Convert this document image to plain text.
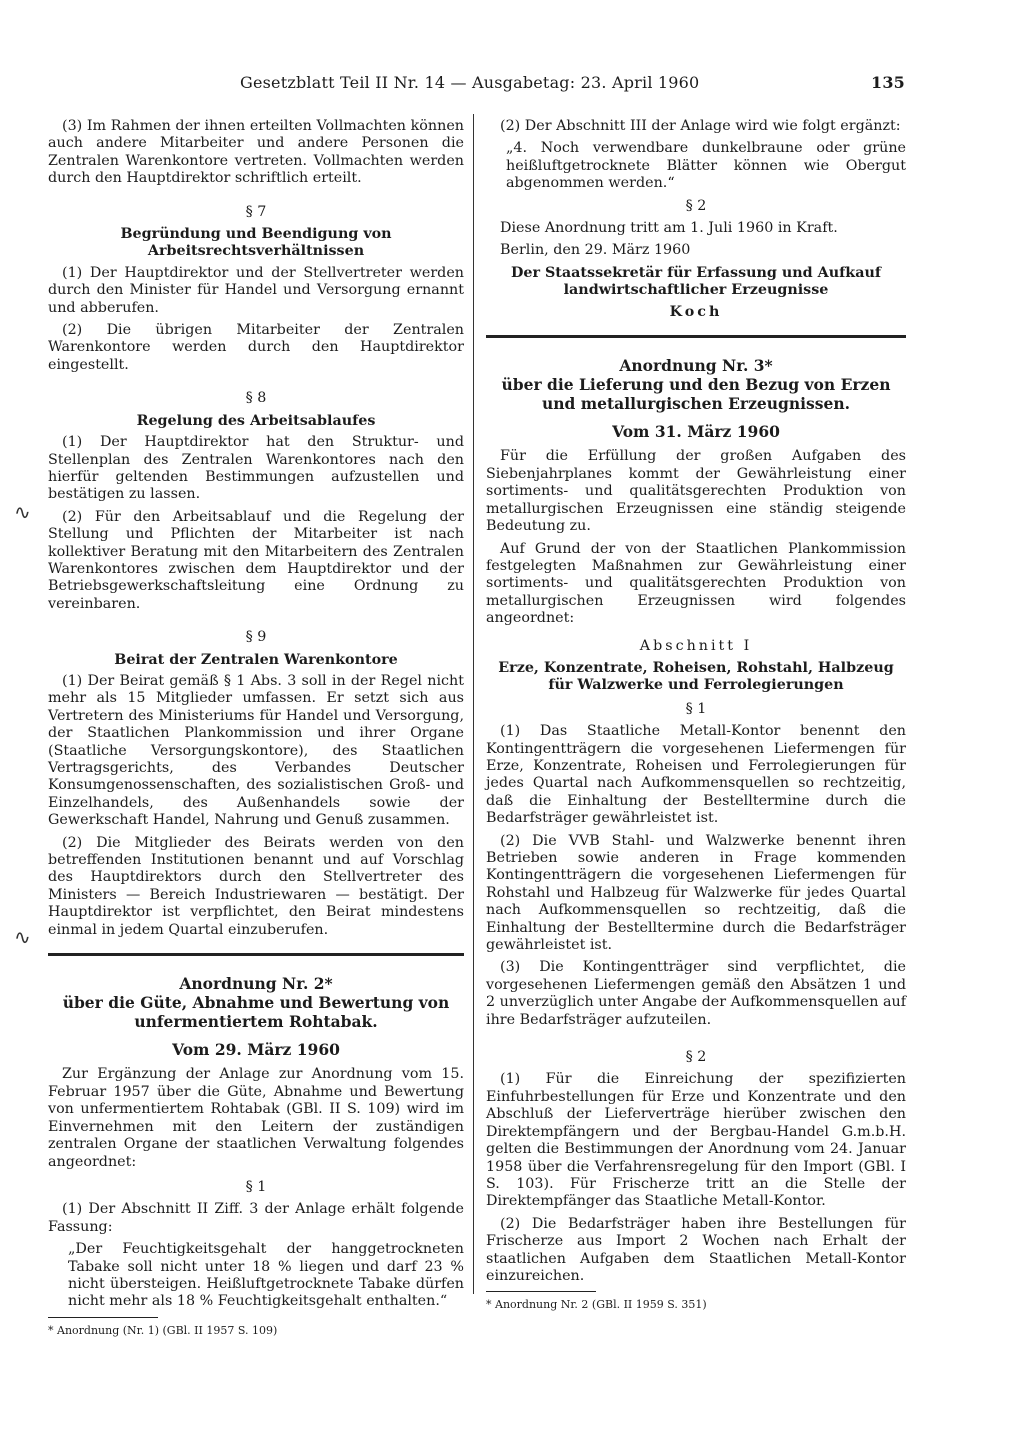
Gesetzblatt Teil II Nr. 14 — Ausgabetag: 23. April 1960	135
∿
∿

(3) Im Rahmen der ihnen erteilten Vollmachten können auch andere Mitarbeiter und andere Personen die Zentralen Warenkontore vertreten. Vollmachten werden durch den Hauptdirektor schriftlich erteilt.

§ 7
Begründung und Beendigung von Arbeitsrechtsverhältnissen

(1) Der Hauptdirektor und der Stellvertreter werden durch den Minister für Handel und Versorgung ernannt und abberufen.

(2) Die übrigen Mitarbeiter der Zentralen Warenkontore werden durch den Hauptdirektor eingestellt.

§ 8
Regelung des Arbeitsablaufes

(1) Der Hauptdirektor hat den Struktur- und Stellenplan des Zentralen Warenkontores nach den hierfür geltenden Bestimmungen aufzustellen und bestätigen zu lassen.

(2) Für den Arbeitsablauf und die Regelung der Stellung und Pflichten der Mitarbeiter ist nach kollektiver Beratung mit den Mitarbeitern des Zentralen Warenkontores zwischen dem Hauptdirektor und der Betriebsgewerkschaftsleitung eine Ordnung zu vereinbaren.

§ 9
Beirat der Zentralen Warenkontore

(1) Der Beirat gemäß § 1 Abs. 3 soll in der Regel nicht mehr als 15 Mitglieder umfassen. Er setzt sich aus Vertretern des Ministeriums für Handel und Versorgung, der Staatlichen Plankommission und ihrer Organe (Staatliche Versorgungskontore), des Staatlichen Vertragsgerichts, des Verbandes Deutscher Konsumgenossenschaften, des sozialistischen Groß- und Einzelhandels, des Außenhandels sowie der Gewerkschaft Handel, Nahrung und Genuß zusammen.

(2) Die Mitglieder des Beirats werden von den betreffenden Institutionen benannt und auf Vorschlag des Hauptdirektors durch den Stellvertreter des Ministers — Bereich Industriewaren — bestätigt. Der Hauptdirektor ist verpflichtet, den Beirat mindestens einmal in jedem Quartal einzuberufen.

Anordnung Nr. 2*
über die Güte, Abnahme und Bewertung von unfermentiertem Rohtabak.
Vom 29. März 1960

Zur Ergänzung der Anlage zur Anordnung vom 15. Februar 1957 über die Güte, Abnahme und Bewertung von unfermentiertem Rohtabak (GBl. II S. 109) wird im Einvernehmen mit den Leitern der zuständigen zentralen Organe der staatlichen Verwaltung folgendes angeordnet:

§ 1

(1) Der Abschnitt II Ziff. 3 der Anlage erhält folgende Fassung:

„Der Feuchtigkeitsgehalt der hanggetrockneten Tabake soll nicht unter 18 % liegen und darf 23 % nicht übersteigen. Heißluftgetrocknete Tabake dürfen nicht mehr als 18 % Feuchtigkeitsgehalt enthalten.“

* Anordnung (Nr. 1) (GBl. II 1957 S. 109)

(2) Der Abschnitt III der Anlage wird wie folgt ergänzt:

„4. Noch verwendbare dunkelbraune oder grüne heißluftgetrocknete Blätter können wie Obergut abgenommen werden.“

§ 2

Diese Anordnung tritt am 1. Juli 1960 in Kraft.

Berlin, den 29. März 1960

Der Staatssekretär für Erfassung und Aufkauf landwirtschaftlicher Erzeugnisse
Koch
Anordnung Nr. 3*
über die Lieferung und den Bezug von Erzen und metallurgischen Erzeugnissen.
Vom 31. März 1960

Für die Erfüllung der großen Aufgaben des Siebenjahrplanes kommt der Gewährleistung einer sortiments- und qualitätsgerechten Produktion von metallurgischen Erzeugnissen eine ständig steigende Bedeutung zu.

Auf Grund der von der Staatlichen Plankommission festgelegten Maßnahmen zur Gewährleistung einer sortiments- und qualitätsgerechten Produktion von metallurgischen Erzeugnissen wird folgendes angeordnet:

Abschnitt I
Erze, Konzentrate, Roheisen, Rohstahl, Halbzeug für Walzwerke und Ferrolegierungen
§ 1

(1) Das Staatliche Metall-Kontor benennt den Kontingentträgern die vorgesehenen Liefermengen für Erze, Konzentrate, Roheisen und Ferrolegierungen für jedes Quartal nach Aufkommensquellen so rechtzeitig, daß die Einhaltung der Bestelltermine durch die Bedarfsträger gewährleistet ist.

(2) Die VVB Stahl- und Walzwerke benennt ihren Betrieben sowie anderen in Frage kommenden Kontingentträgern die vorgesehenen Liefermengen für Rohstahl und Halbzeug für Walzwerke für jedes Quartal nach Aufkommensquellen so rechtzeitig, daß die Einhaltung der Bestelltermine durch die Bedarfsträger gewährleistet ist.

(3) Die Kontingentträger sind verpflichtet, die vorgesehenen Liefermengen gemäß den Absätzen 1 und 2 unverzüglich unter Angabe der Aufkommensquellen auf ihre Bedarfsträger aufzuteilen.

§ 2

(1) Für die Einreichung der spezifizierten Einfuhrbestellungen für Erze und Konzentrate und den Abschluß der Lieferverträge hierüber zwischen den Direktempfängern und der Bergbau-Handel G.m.b.H. gelten die Bestimmungen der Anordnung vom 24. Januar 1958 über die Verfahrensregelung für den Import (GBl. I S. 103). Für Frischerze tritt an die Stelle der Direktempfänger das Staatliche Metall-Kontor.

(2) Die Bedarfsträger haben ihre Bestellungen für Frischerze aus Import 2 Wochen nach Erhalt der staatlichen Aufgaben dem Staatlichen Metall-Kontor einzureichen.

* Anordnung Nr. 2 (GBl. II 1959 S. 351)
